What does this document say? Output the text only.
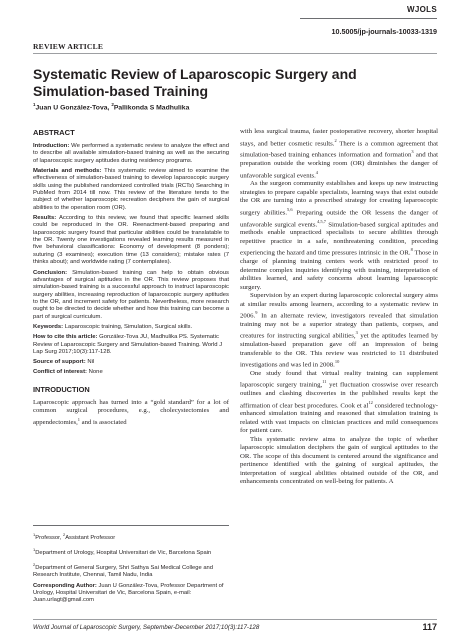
WJOLS
10.5005/jp-journals-10033-1319
REVIEW ARTICLE
Systematic Review of Laparoscopic Surgery and Simulation-based Training
$^1$Juan U González-Tova, $^2$Pallikonda S Madhulika
ABSTRACT

Introduction: We performed a systematic review to analyze the effect and to describe all available simulation-based training as well as the securing of laparoscopic surgery aptitudes during residency programs.

Materials and methods: This systematic review aimed to examine the effectiveness of simulation-based training to develop laparoscopic surgery skills using the published randomized controlled trials (RCTs) Searching in PubMed from 2014 till now. This review of the literature tends to the subject of whether laparoscopic recreation deciphers the gain of surgical abilities to the operation room (OR).

Results: According to this review, we found that specific learned skills could be reproduced in the OR. Reenactment-based preparing and laparoscopic surgery found that particular abilities could be translatable to the OR. Twenty one investigations revealed learning results measured in five behavioral classifications: Economy of development (8 ponders); suturing (3 examines); execution time (13 considers); mistake rates (7 thinks about); and worldwide rating (7 contemplates).

Conclusion: Simulation-based training can help to obtain obvious advantages of surgical aptitudes in the OR. This review proposes that simulation-based training is a successful approach to instruct laparoscopic surgery abilities, increasing reproduction of laparoscopic surgery aptitudes to the OR, and increment safety for patients. Nevertheless, more research ought to be directed to decide whether and how this training can become a part of surgical curriculum.

Keywords: Laparoscopic training, Simulation, Surgical skills.

How to cite this article: González-Tova JU, Madhulika PS. Systematic Review of Laparoscopic Surgery and Simulation-based Training. World J Lap Surg 2017;10(3):117-128.

Source of support: Nil

Conflict of interest: None

INTRODUCTION

Laparoscopic approach has turned into a “gold standard” for a lot of common surgical procedures, e.g., cholecystectomies and appendectomies,$^1$ and is associated

$^1$Professor, $^2$Assistant Professor

$^1$Department of Urology, Hospital Universitari de Vic, Barcelona Spain

$^2$Department of General Surgery, Shri Sathya Sai Medical College and Research Institute, Chennai, Tamil Nadu, India

Corresponding Author: Juan U González-Tova, Professor Department of Urology, Hospital Universitari de Vic, Barcelona Spain, e-mail: Juan.urlagt@gmail.com

with less surgical trauma, faster postoperative recovery, shorter hospital stays, and better cosmetic results.$^2$ There is a common agreement that simulation-based training enhances information and formation$^3$ and that preparation outside the working room (OR) diminishes the danger of unfavorable surgical events.$^4$

As the surgeon community establishes and keeps up new instructing strategies to prepare capable specialists, learning ways that exist outside the OR are turning into a prescribed strategy for creating laparoscopic surgery abilities.$^{5,6}$ Preparing outside the OR lessens the danger of unfavorable surgical events.$^{4,5,7}$ Simulation-based surgical aptitudes and methods enable unpracticed specialists to secure abilities through repetitive practice in a safe, nonthreatening condition, preceding experiencing the hazard and time pressures intrinsic in the OR.$^8$ Those in charge of planning training centers work with restricted proof to determine complex inquiries identifying with training, interpretation of abilities learned, and safety concerns about learning laparoscopic surgery.

Supervision by an expert during laparoscopic colorectal surgery aims at similar results among learners, according to a systematic review in 2006.$^9$ In an alternate review, investigators revealed that simulation training may not be a superior strategy than patients, corpses, and creatures for instructing surgical abilities,$^3$ yet the aptitudes learned by simulation-based preparation gave off an impression of being transferable to the OR. This review was restricted to 11 distributed investigations and was led in 2008.10

One study found that virtual reality training can supplement laparoscopic surgery training,$^{11}$ yet fluctuation crosswise over research outlines and clashing discoveries in the published results kept the affirmation of clear best procedures. Cook et $al^{12}$ considered technology-enhanced simulation training and reasoned that simulation training is related with vast impacts on clinician practices and mild consequences for patient care.

This systematic review aims to analyze the topic of whether laparoscopic simulation deciphers the gain of surgical aptitudes to the OR. The scope of this document is centered around the significance and pertinence identified with the gaining of surgical aptitudes, the interpretation of surgical abilities obtained outside of the OR, and enhancements concentrated on well-being for patients. A

World Journal of Laparoscopic Surgery, September-December 2017;10(3):117-128	117
